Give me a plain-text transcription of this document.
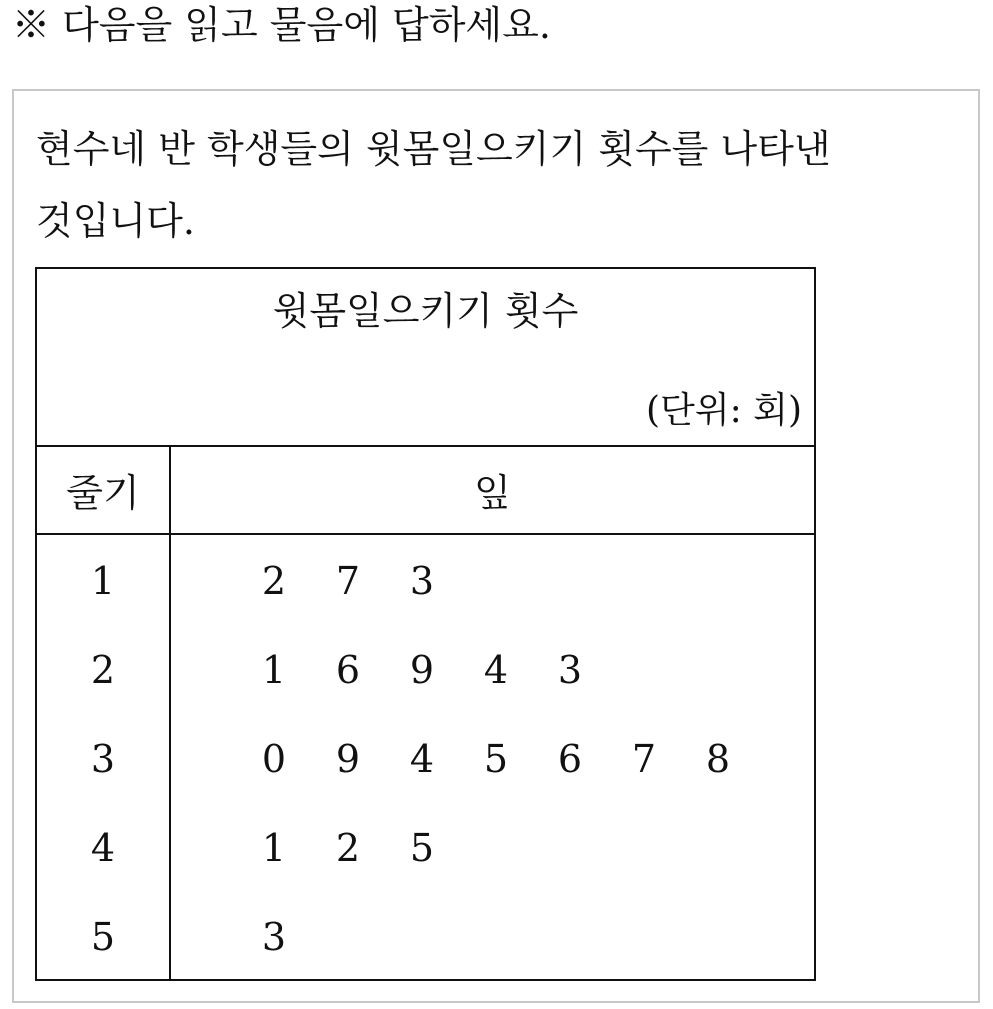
※ 다음을 읽고 물음에 답하세요.
현수네 반 학생들의 윗몸일으키기 횟수를 나타낸
것입니다.
윗몸일으키기 횟수
(단위: 회)
줄기	잎
1	2 7 3
2	1 6 9 4 3
3	0 9 4 5 6 7 8
4	1 2 5
5	3
